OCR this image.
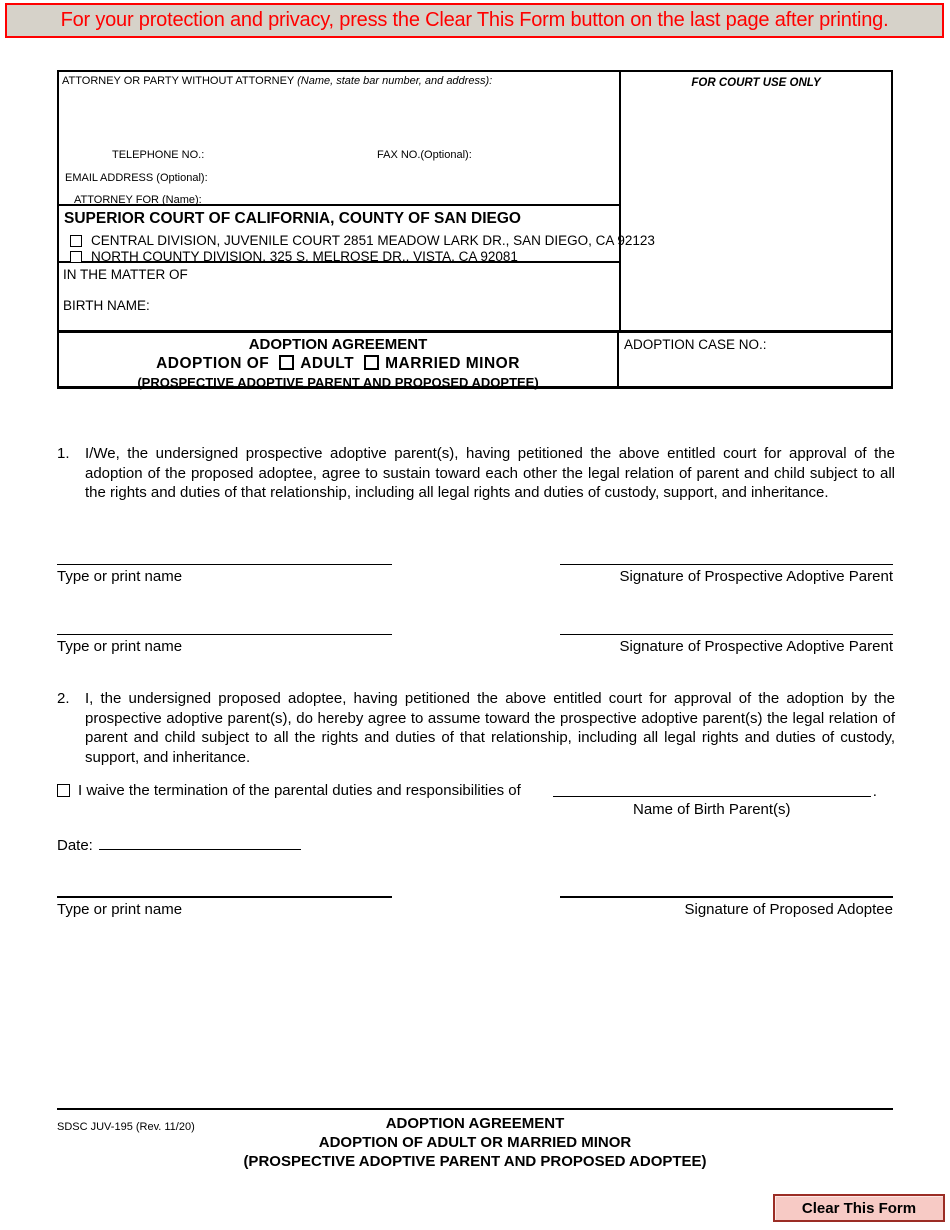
For your protection and privacy, press the Clear This Form button on the last page after printing.
ATTORNEY OR PARTY WITHOUT ATTORNEY (Name, state bar number, and address):
TELEPHONE NO.:	FAX NO.(Optional):
EMAIL ADDRESS (Optional):
ATTORNEY FOR (Name):
SUPERIOR COURT OF CALIFORNIA, COUNTY OF SAN DIEGO
CENTRAL DIVISION, JUVENILE COURT 2851 MEADOW LARK DR., SAN DIEGO, CA 92123
NORTH COUNTY DIVISION, 325 S. MELROSE DR., VISTA, CA 92081
IN THE MATTER OF
BIRTH NAME:
FOR COURT USE ONLY
ADOPTION AGREEMENT
ADOPTION OF ADULT MARRIED MINOR
(PROSPECTIVE ADOPTIVE PARENT AND PROPOSED ADOPTEE)
ADOPTION CASE NO.:
1.	I/We, the undersigned prospective adoptive parent(s), having petitioned the above entitled court for approval of the adoption of the proposed adoptee, agree to sustain toward each other the legal relation of parent and child subject to all the rights and duties of that relationship, including all legal rights and duties of custody, support, and inheritance.
Type or print name	Signature of Prospective Adoptive Parent
Type or print name	Signature of Prospective Adoptive Parent
2.	I, the undersigned proposed adoptee, having petitioned the above entitled court for approval of the adoption by the prospective adoptive parent(s), do hereby agree to assume toward the prospective adoptive parent(s) the legal relation of parent and child subject to all the rights and duties of that relationship, including all legal rights and duties of custody, support, and inheritance.
I waive the termination of the parental duties and responsibilities of
Name of Birth Parent(s)
.
Date:
Type or print name	Signature of Proposed Adoptee
SDSC JUV-195 (Rev. 11/20)	ADOPTION AGREEMENT
ADOPTION OF ADULT OR MARRIED MINOR
(PROSPECTIVE ADOPTIVE PARENT AND PROPOSED ADOPTEE)
Clear This Form
